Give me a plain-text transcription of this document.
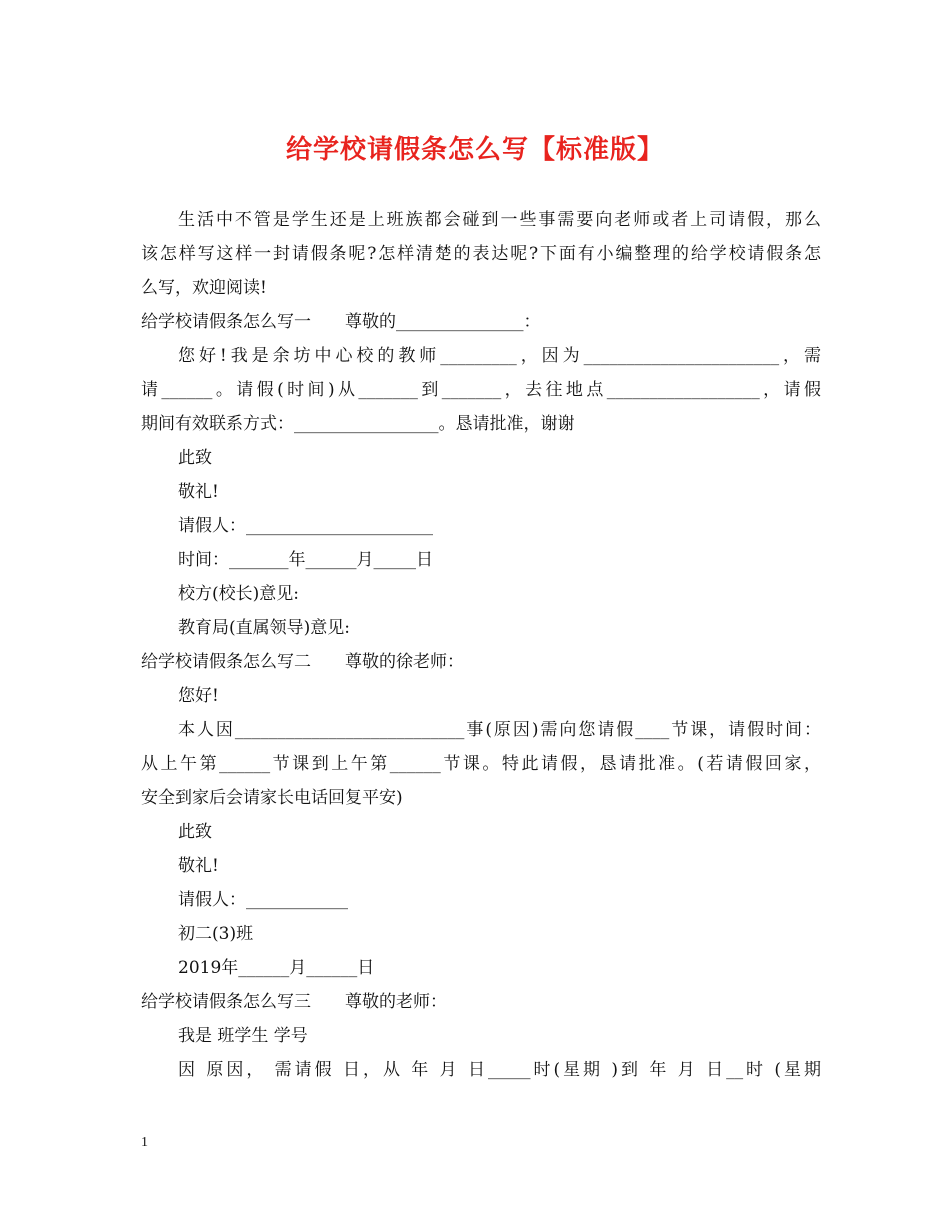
给学校请假条怎么写【标准版】
生活中不管是学生还是上班族都会碰到一些事需要向老师或者上司请假，那么
该怎样写这样一封请假条呢?怎样清楚的表达呢?下面有小编整理的给学校请假条怎
么写，欢迎阅读!
给学校请假条怎么写一　　尊敬的_______________：
您好!我是余坊中心校的教师_________，因为_______________________，需
请______。请假(时间)从_______到_______，去往地点__________________，请假
期间有效联系方式：_________________。恳请批准，谢谢
此致
敬礼!
请假人：______________________
时间：_______年______月_____日
校方(校长)意见:
教育局(直属领导)意见:
给学校请假条怎么写二　　尊敬的徐老师：
您好!
本人因___________________________事(原因)需向您请假____节课，请假时间：
从上午第______节课到上午第______节课。特此请假，恳请批准。(若请假回家，
安全到家后会请家长电话回复平安)
此致
敬礼!
请假人：____________
初二(3)班
2019年______月______日
给学校请假条怎么写三　　尊敬的老师：
我是 班学生 学号
因 原因， 需请假 日，从 年 月 日_____时(星期 )到 年 月 日__时 (星期
1
